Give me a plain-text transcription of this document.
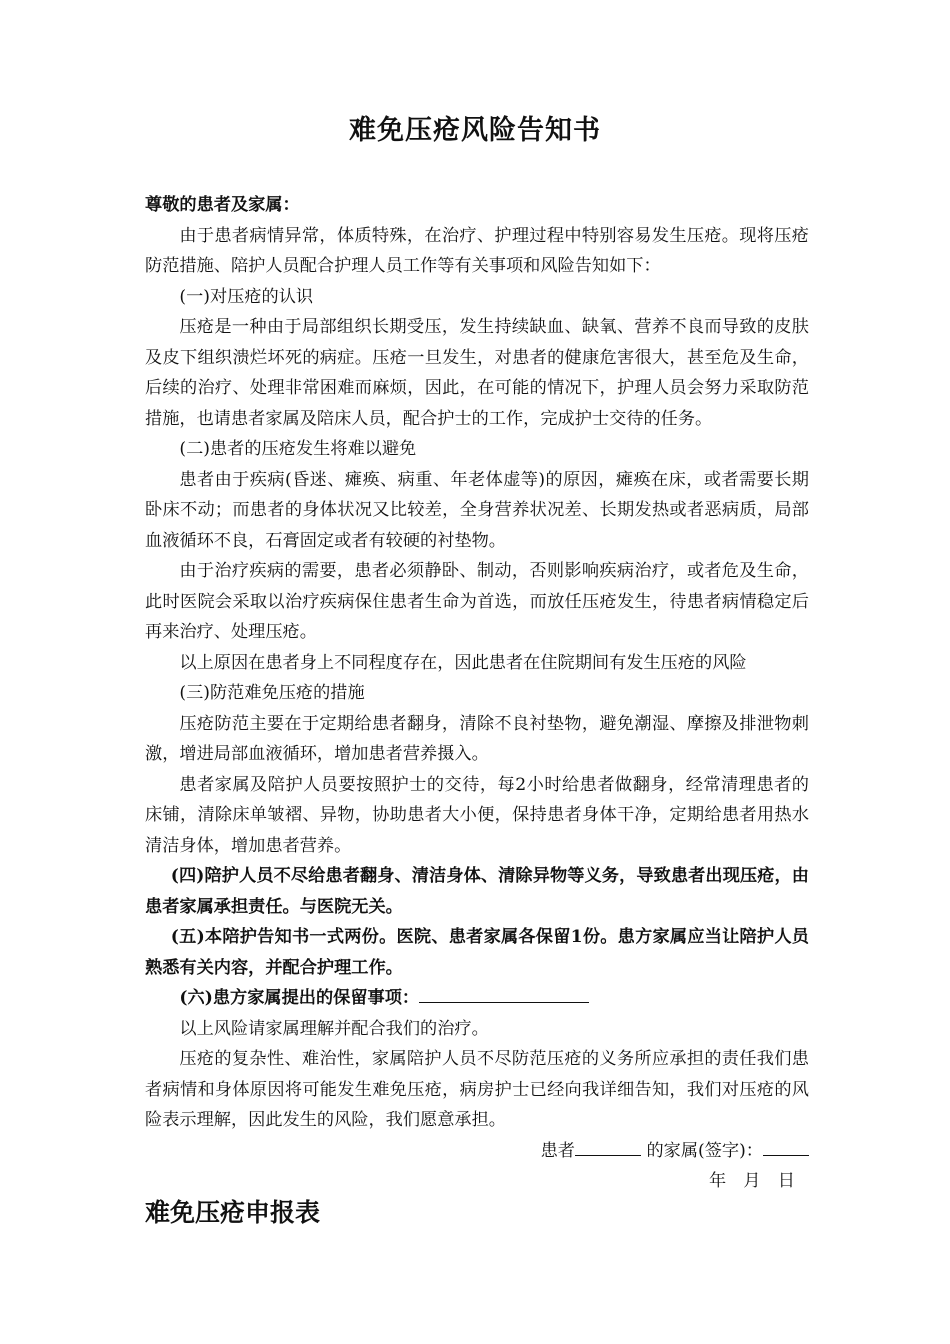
难免压疮风险告知书

尊敬的患者及家属：

由于患者病情异常，体质特殊，在治疗、护理过程中特别容易发生压疮。现将压疮防范措施、陪护人员配合护理人员工作等有关事项和风险告知如下：

(一)对压疮的认识

压疮是一种由于局部组织长期受压，发生持续缺血、缺氧、营养不良而导致的皮肤及皮下组织溃烂坏死的病症。压疮一旦发生，对患者的健康危害很大，甚至危及生命，后续的治疗、处理非常困难而麻烦，因此，在可能的情况下，护理人员会努力采取防范措施，也请患者家属及陪床人员，配合护士的工作，完成护士交待的任务。

(二)患者的压疮发生将难以避免

患者由于疾病(昏迷、瘫痪、病重、年老体虚等)的原因，瘫痪在床，或者需要长期卧床不动；而患者的身体状况又比较差，全身营养状况差、长期发热或者恶病质，局部血液循环不良，石膏固定或者有较硬的衬垫物。

由于治疗疾病的需要，患者必须静卧、制动，否则影响疾病治疗，或者危及生命，此时医院会采取以治疗疾病保住患者生命为首选，而放任压疮发生，待患者病情稳定后再来治疗、处理压疮。

以上原因在患者身上不同程度存在，因此患者在住院期间有发生压疮的风险

(三)防范难免压疮的措施

压疮防范主要在于定期给患者翻身，清除不良衬垫物，避免潮湿、摩擦及排泄物刺激，增进局部血液循环，增加患者营养摄入。

患者家属及陪护人员要按照护士的交待，每2小时给患者做翻身，经常清理患者的床铺，清除床单皱褶、异物，协助患者大小便，保持患者身体干净，定期给患者用热水清洁身体，增加患者营养。

(四)陪护人员不尽给患者翻身、清洁身体、清除异物等义务，导致患者出现压疮，由患者家属承担责任。与医院无关。

(五)本陪护告知书一式两份。医院、患者家属各保留1份。患方家属应当让陪护人员熟悉有关内容，并配合护理工作。

(六)患方家属提出的保留事项：

以上风险请家属理解并配合我们的治疗。

压疮的复杂性、难治性，家属陪护人员不尽防范压疮的义务所应承担的责任我们患者病情和身体原因将可能发生难免压疮，病房护士已经向我详细告知，我们对压疮的风险表示理解，因此发生的风险，我们愿意承担。

患者	的家属(签字)：

年　月　日

难免压疮申报表
